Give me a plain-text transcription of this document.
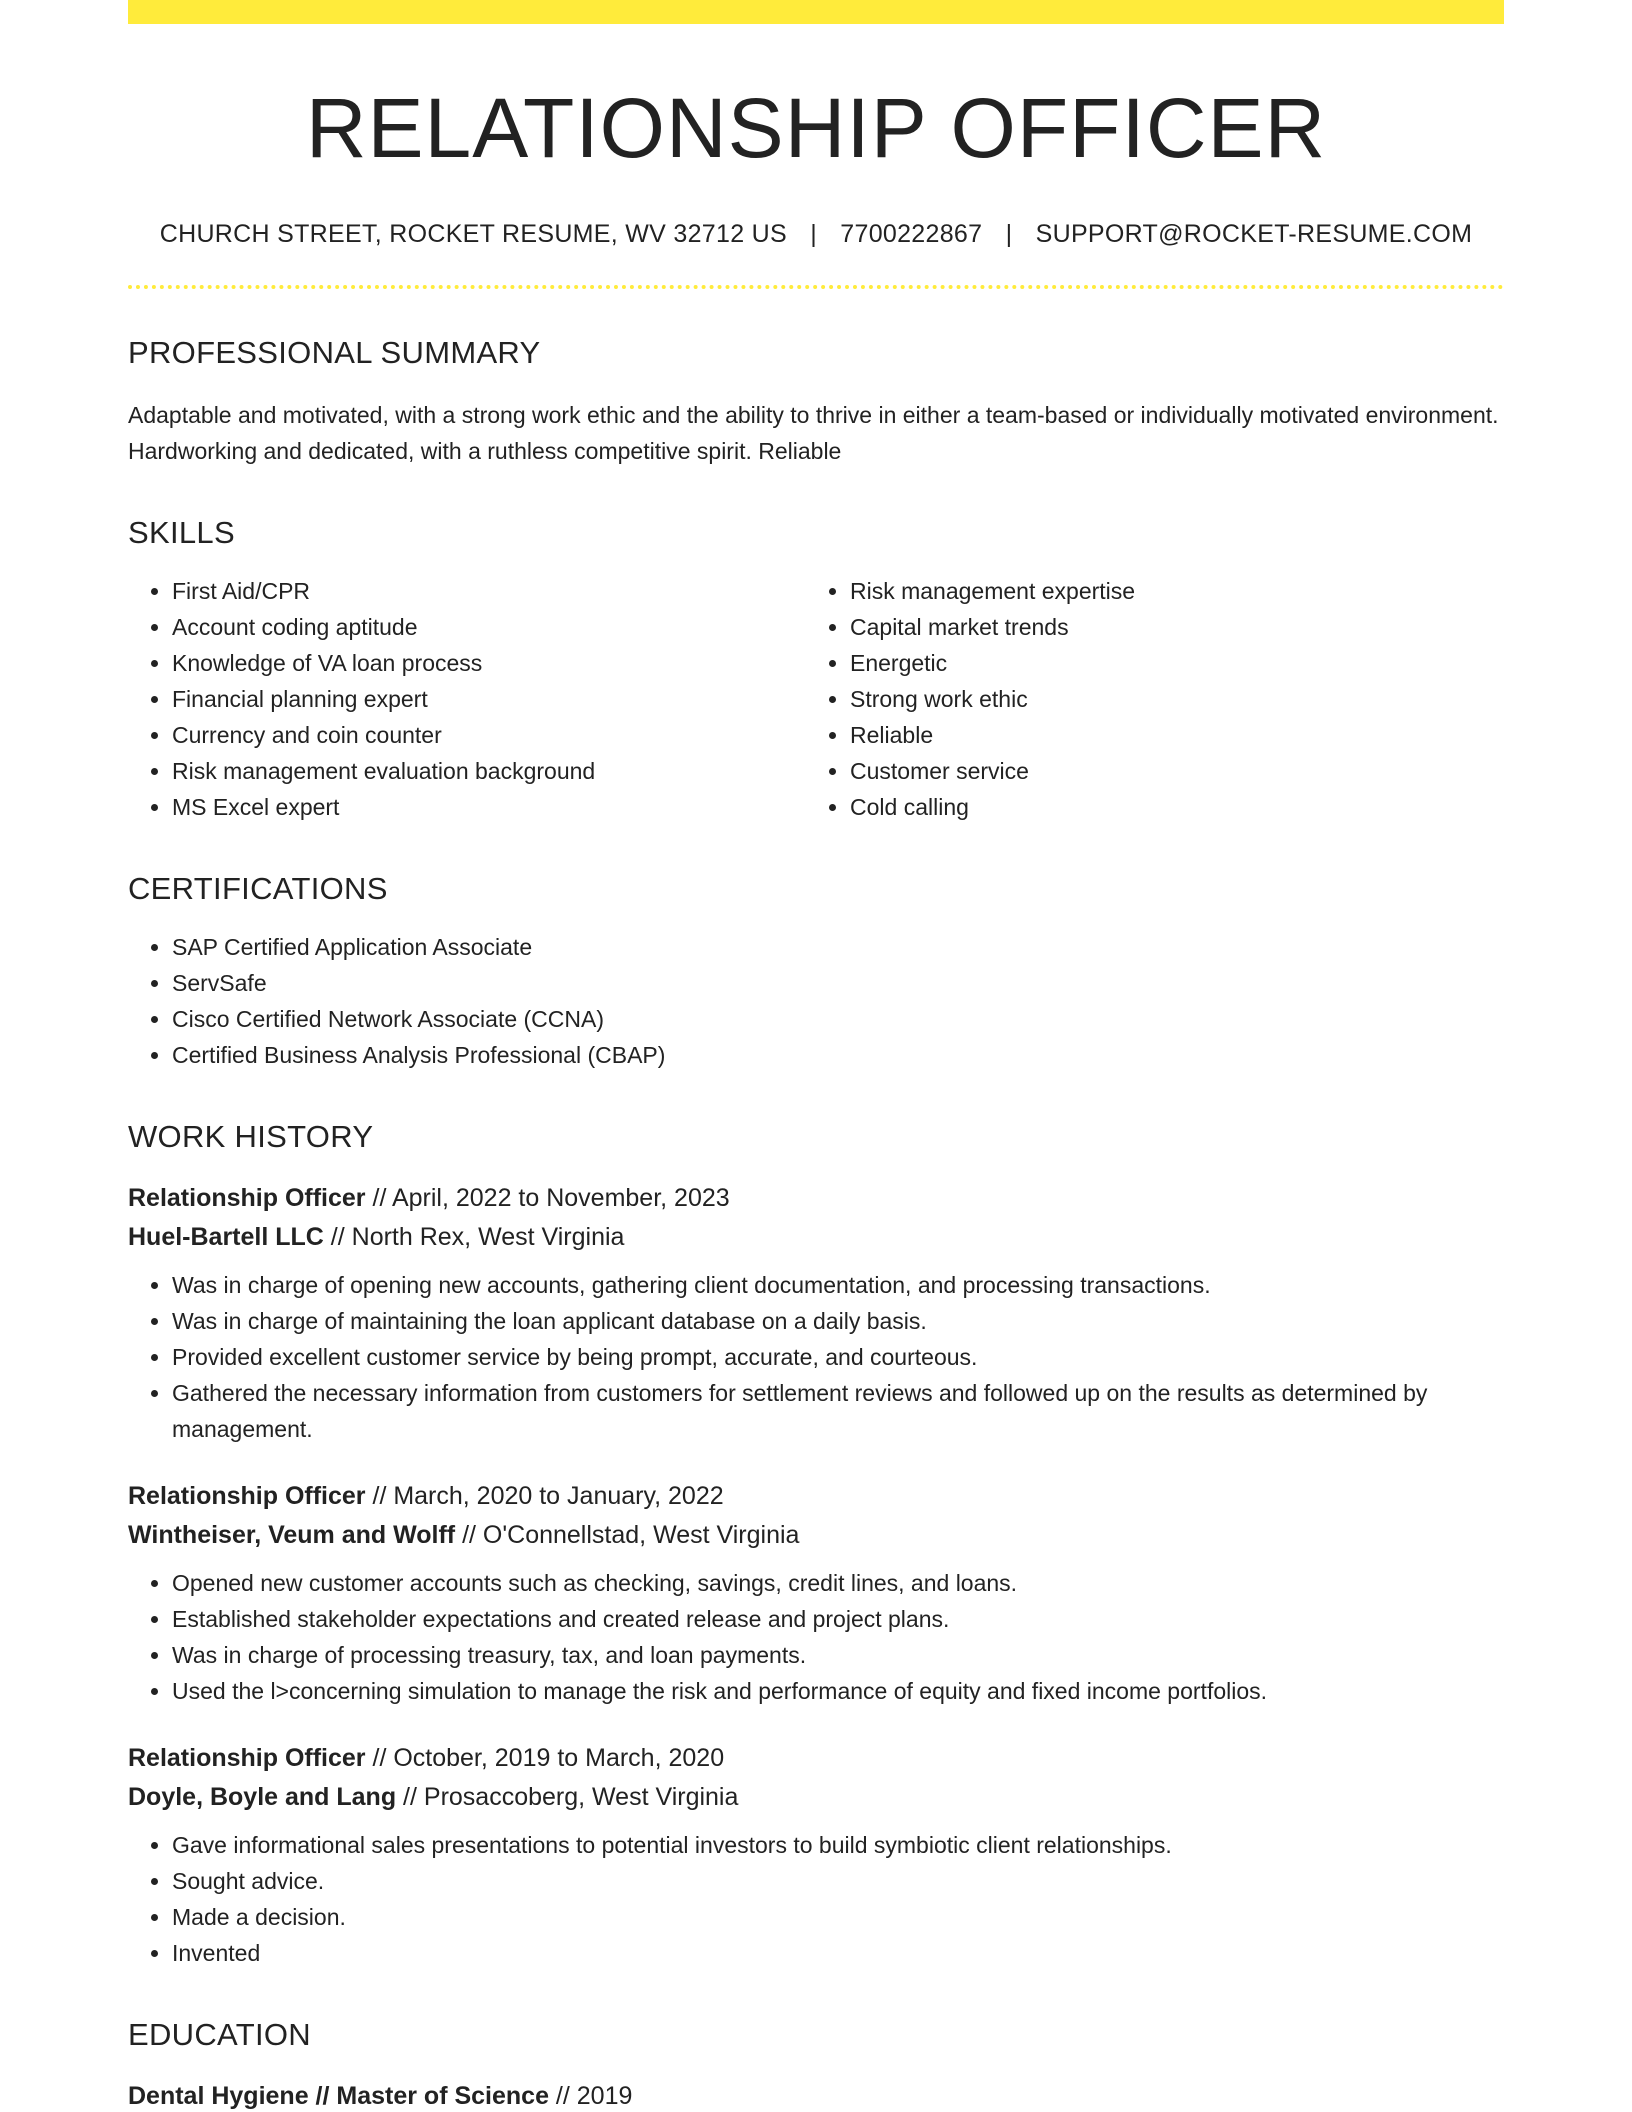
RELATIONSHIP OFFICER
CHURCH STREET, ROCKET RESUME, WV 32712 US | 7700222867 | SUPPORT@ROCKET-RESUME.COM
PROFESSIONAL SUMMARY

Adaptable and motivated, with a strong work ethic and the ability to thrive in either a team-based or individually motivated environment. Hardworking and dedicated, with a ruthless competitive spirit. Reliable

SKILLS
• First Aid/CPR
• Account coding aptitude
• Knowledge of VA loan process
• Financial planning expert
• Currency and coin counter
• Risk management evaluation background
• MS Excel expert
• Risk management expertise
• Capital market trends
• Energetic
• Strong work ethic
• Reliable
• Customer service
• Cold calling
CERTIFICATIONS
• SAP Certified Application Associate
• ServSafe
• Cisco Certified Network Associate (CCNA)
• Certified Business Analysis Professional (CBAP)
WORK HISTORY
Relationship Officer // April, 2022 to November, 2023
Huel-Bartell LLC // North Rex, West Virginia
• Was in charge of opening new accounts, gathering client documentation, and processing transactions.
• Was in charge of maintaining the loan applicant database on a daily basis.
• Provided excellent customer service by being prompt, accurate, and courteous.
• Gathered the necessary information from customers for settlement reviews and followed up on the results as determined by management.
Relationship Officer // March, 2020 to January, 2022
Wintheiser, Veum and Wolff // O'Connellstad, West Virginia
• Opened new customer accounts such as checking, savings, credit lines, and loans.
• Established stakeholder expectations and created release and project plans.
• Was in charge of processing treasury, tax, and loan payments.
• Used the l>concerning simulation to manage the risk and performance of equity and fixed income portfolios.
Relationship Officer // October, 2019 to March, 2020
Doyle, Boyle and Lang // Prosaccoberg, West Virginia
• Gave informational sales presentations to potential investors to build symbiotic client relationships.
• Sought advice.
• Made a decision.
• Invented
EDUCATION
Dental Hygiene // Master of Science // 2019
